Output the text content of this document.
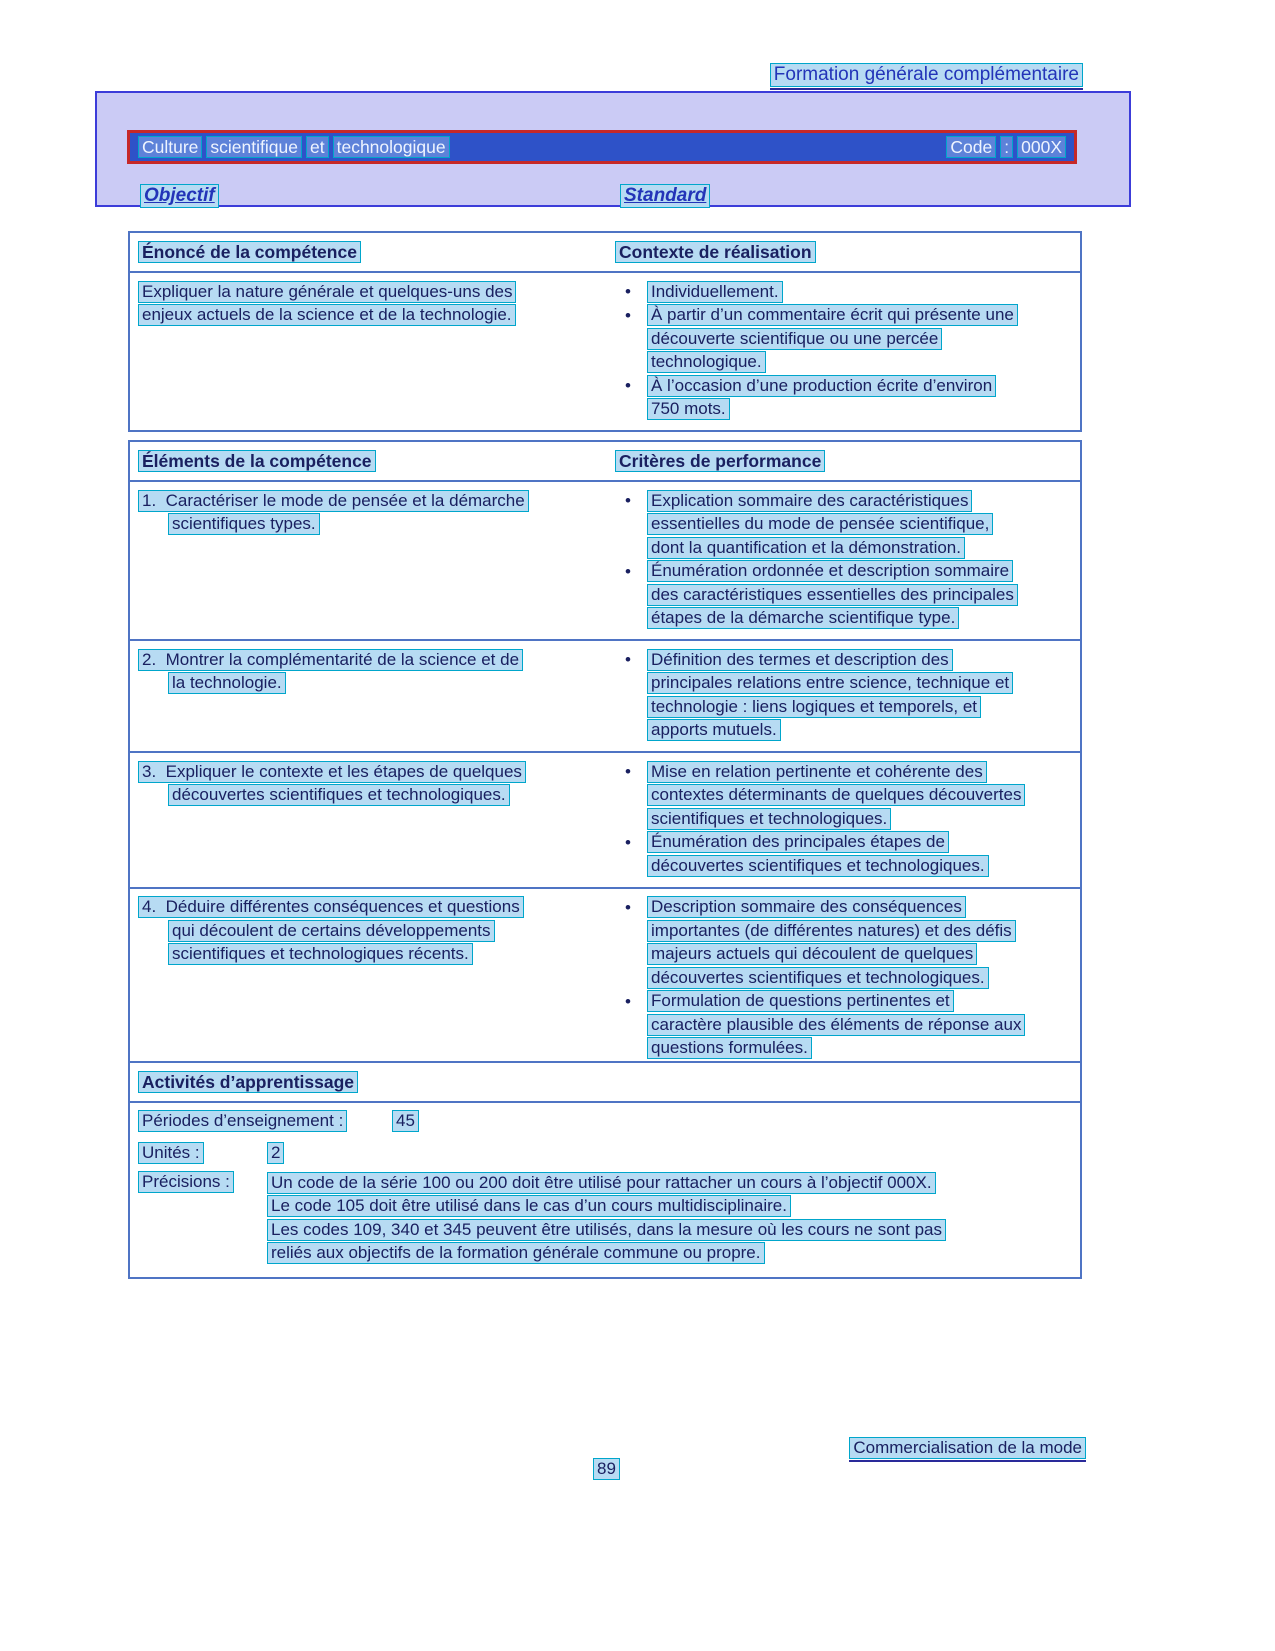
Formation générale complémentaire
Culture scientifique et technologique	Code : 000X
Objectif	Standard
Énoncé de la compétence	Contexte de réalisation
Expliquer la nature générale et quelques-uns des
enjeux actuels de la science et de la technologie.
•	Individuellement.
•	À partir d’un commentaire écrit qui présente une
découverte scientifique ou une percée
technologique.
•	À l’occasion d’une production écrite d’environ
750 mots.
Éléments de la compétence	Critères de performance
1.  Caractériser le mode de pensée et la démarche
scientifiques types.
•	Explication sommaire des caractéristiques
essentielles du mode de pensée scientifique,
dont la quantification et la démonstration.
•	Énumération ordonnée et description sommaire
des caractéristiques essentielles des principales
étapes de la démarche scientifique type.
2.  Montrer la complémentarité de la science et de
la technologie.
•	Définition des termes et description des
principales relations entre science, technique et
technologie : liens logiques et temporels, et
apports mutuels.
3.  Expliquer le contexte et les étapes de quelques
découvertes scientifiques et technologiques.
•	Mise en relation pertinente et cohérente des
contextes déterminants de quelques découvertes
scientifiques et technologiques.
•	Énumération des principales étapes de
découvertes scientifiques et technologiques.
4.  Déduire différentes conséquences et questions
qui découlent de certains développements
scientifiques et technologiques récents.
•	Description sommaire des conséquences
importantes (de différentes natures) et des défis
majeurs actuels qui découlent de quelques
découvertes scientifiques et technologiques.
•	Formulation de questions pertinentes et
caractère plausible des éléments de réponse aux
questions formulées.
Activités d’apprentissage
Périodes d’enseignement :	45
Unités :	2
Précisions :	Un code de la série 100 ou 200 doit être utilisé pour rattacher un cours à l’objectif 000X.
Le code 105 doit être utilisé dans le cas d’un cours multidisciplinaire.
Les codes 109, 340 et 345 peuvent être utilisés, dans la mesure où les cours ne sont pas
reliés aux objectifs de la formation générale commune ou propre.
Commercialisation de la mode
89
